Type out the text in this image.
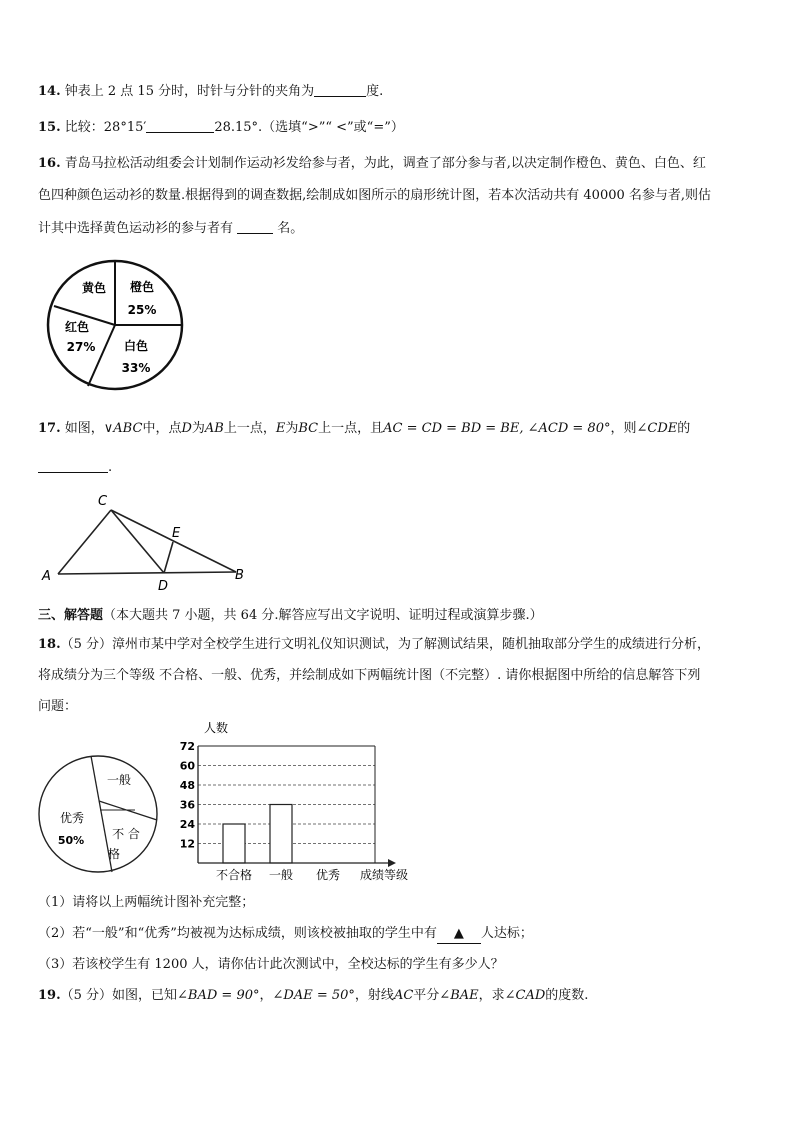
14. 钟表上 2 点 15 分时，时针与分针的夹角为	度.
15. 比较：28°15′	28.15°.（选填“>”“ <”或“=”）
16. 青岛马拉松活动组委会计划制作运动衫发给参与者，为此，调查了部分参与者,以决定制作橙色、黄色、白色、红
色四种颜色运动衫的数量.根据得到的调查数据,绘制成如图所示的扇形统计图，若本次活动共有 40000 名参与者,则估
计其中选择黄色运动衫的参与者有	名。
黄色 橙色
25%
红色
27% 白色
33%
17. 如图，∨ABC中，点D为AB上一点，E为BC上一点，且AC = CD = BD = BE, ∠ACD = 80°，则∠CDE的
.
C
E
A
D
B
三、解答题（本大题共 7 小题，共 64 分.解答应写出文字说明、证明过程或演算步骤.）
18.（5 分）漳州市某中学对全校学生进行文明礼仪知识测试，为了解测试结果，随机抽取部分学生的成绩进行分析，
将成绩分为三个等级 不合格、一般、优秀，并绘制成如下两幅统计图（不完整）. 请你根据图中所给的信息解答下列
问题：
一般
优秀
50% 不 合
格
人数
成绩等级
12
24
36
48
60
72
不合格 一般 优秀
（1）请将以上两幅统计图补充完整；
（2）若“一般”和“优秀”均被视为达标成绩，则该校被抽取的学生中有 ▲ 人达标；
（3）若该校学生有 1200 人，请你估计此次测试中，全校达标的学生有多少人？
19.（5 分）如图，已知∠BAD = 90°，∠DAE = 50°，射线AC平分∠BAE，求∠CAD的度数.
